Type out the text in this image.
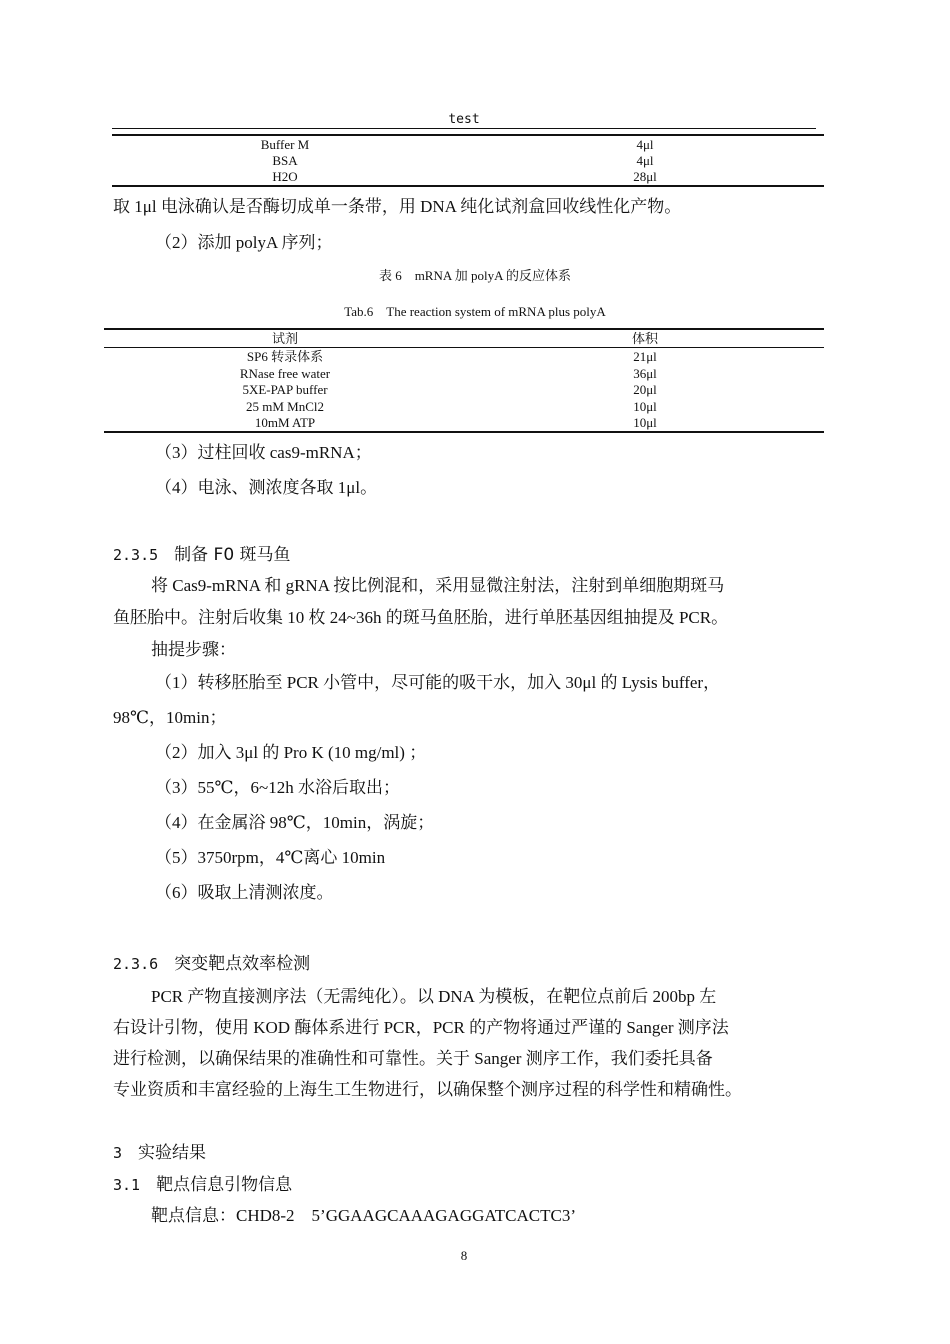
test
Buffer M	4μl
BSA	4μl
H2O	28μl
取 1μl 电泳确认是否酶切成单一条带，用 DNA 纯化试剂盒回收线性化产物。
（2）添加 polyA 序列；
表 6　mRNA 加 polyA 的反应体系
Tab.6　The reaction system of mRNA plus polyA
试剂	体积
SP6 转录体系	21μl
RNase free water	36μl
5XE-PAP buffer	20μl
25 mM MnCl2	10μl
10mM ATP	10μl
（3）过柱回收 cas9-mRNA；
（4）电泳、测浓度各取 1μl。
2.3.5 制备 F0 斑马鱼
将 Cas9-mRNA 和 gRNA 按比例混和，采用显微注射法，注射到单细胞期斑马
鱼胚胎中。注射后收集 10 枚 24~36h 的斑马鱼胚胎，进行单胚基因组抽提及 PCR。
抽提步骤：
（1）转移胚胎至 PCR 小管中，尽可能的吸干水，加入 30μl 的 Lysis buffer，
98℃，10min；
（2）加入 3μl 的 Pro K (10 mg/ml) ；
（3）55℃，6~12h 水浴后取出；
（4）在金属浴 98℃，10min，涡旋；
（5）3750rpm，4℃离心 10min
（6）吸取上清测浓度。
2.3.6 突变靶点效率检测
PCR 产物直接测序法（无需纯化）。以 DNA 为模板，在靶位点前后 200bp 左
右设计引物，使用 KOD 酶体系进行 PCR，PCR 的产物将通过严谨的 Sanger 测序法
进行检测，以确保结果的准确性和可靠性。关于 Sanger 测序工作，我们委托具备
专业资质和丰富经验的上海生工生物进行，以确保整个测序过程的科学性和精确性。
3 实验结果
3.1 靶点信息引物信息
靶点信息：CHD8-2　5’GGAAGCAAAGAGGATCACTC3’
8
